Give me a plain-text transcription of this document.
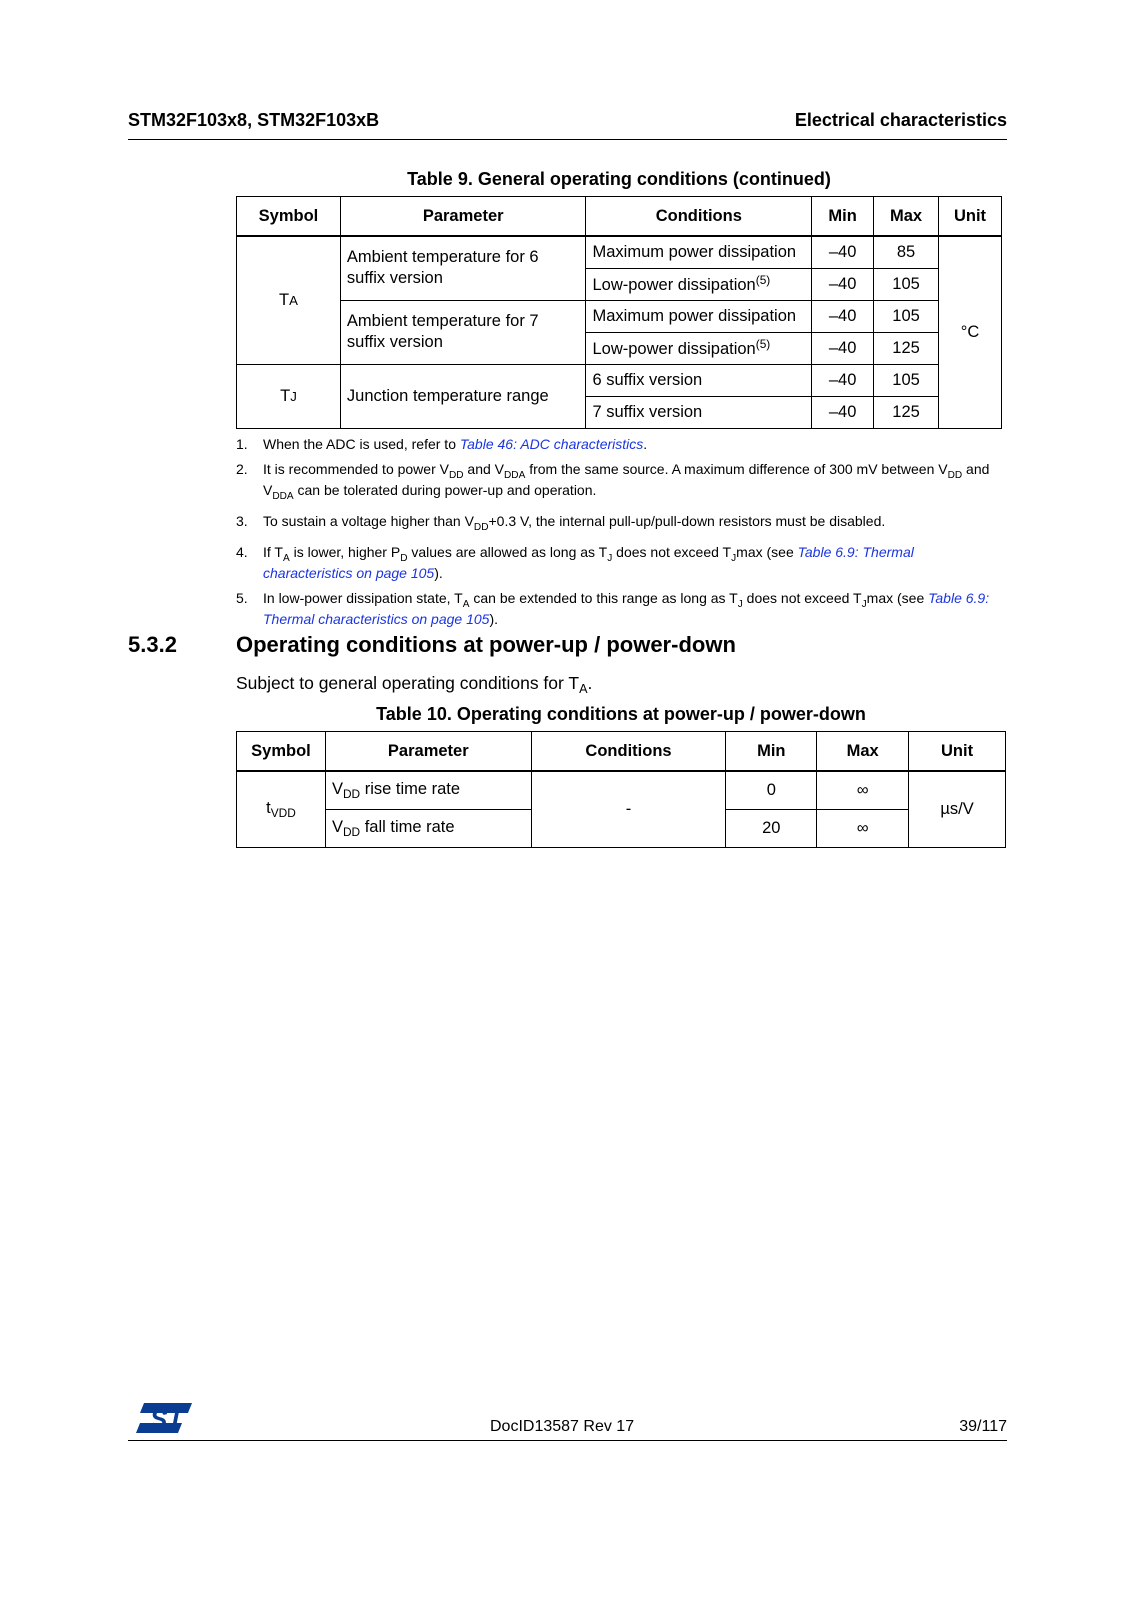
STM32F103x8, STM32F103xB	Electrical characteristics
Table 9. General operating conditions (continued)
Symbol	Parameter	Conditions	Min	Max	Unit
TA	Ambient temperature for 6 suffix version	Maximum power dissipation	–40	85	°C
		Low-power dissipation$^{(5)}$	–40	105	
	Ambient temperature for 7 suffix version	Maximum power dissipation	–40	105	
		Low-power dissipation$^{(5)}$	–40	125	
TJ	Junction temperature range	6 suffix version	–40	105	
		7 suffix version	–40	125	
1.	When the ADC is used, refer to Table 46: ADC characteristics.
2.	It is recommended to power $V_{DD}$ and $V_{DDA}$ from the same source. A maximum difference of 300 mV between $V_{DD}$ and $V_{DDA}$ can be tolerated during power-up and operation.
3.	To sustain a voltage higher than $V_{DD}+0.3$ V, the internal pull-up/pull-down resistors must be disabled.
4.	If $T_A$ is lower, higher $P_D$ values are allowed as long as $T_J$ does not exceed $T_J\max$ (see Table 6.9: Thermal characteristics on page 105).
5.	In low-power dissipation state, $T_A$ can be extended to this range as long as $T_J$ does not exceed $T_J\max$ (see Table 6.9: Thermal characteristics on page 105).
5.3.2	Operating conditions at power-up / power-down
Subject to general operating conditions for $T_A$.
Table 10. Operating conditions at power-up / power-down
Symbol	Parameter	Conditions	Min	Max	Unit
$t_{VDD}$	$V_{DD}$ rise time rate	-	0	∞	µs/V
	$V_{DD}$ fall time rate		20	∞	
ST	DocID13587 Rev 17	39/117
